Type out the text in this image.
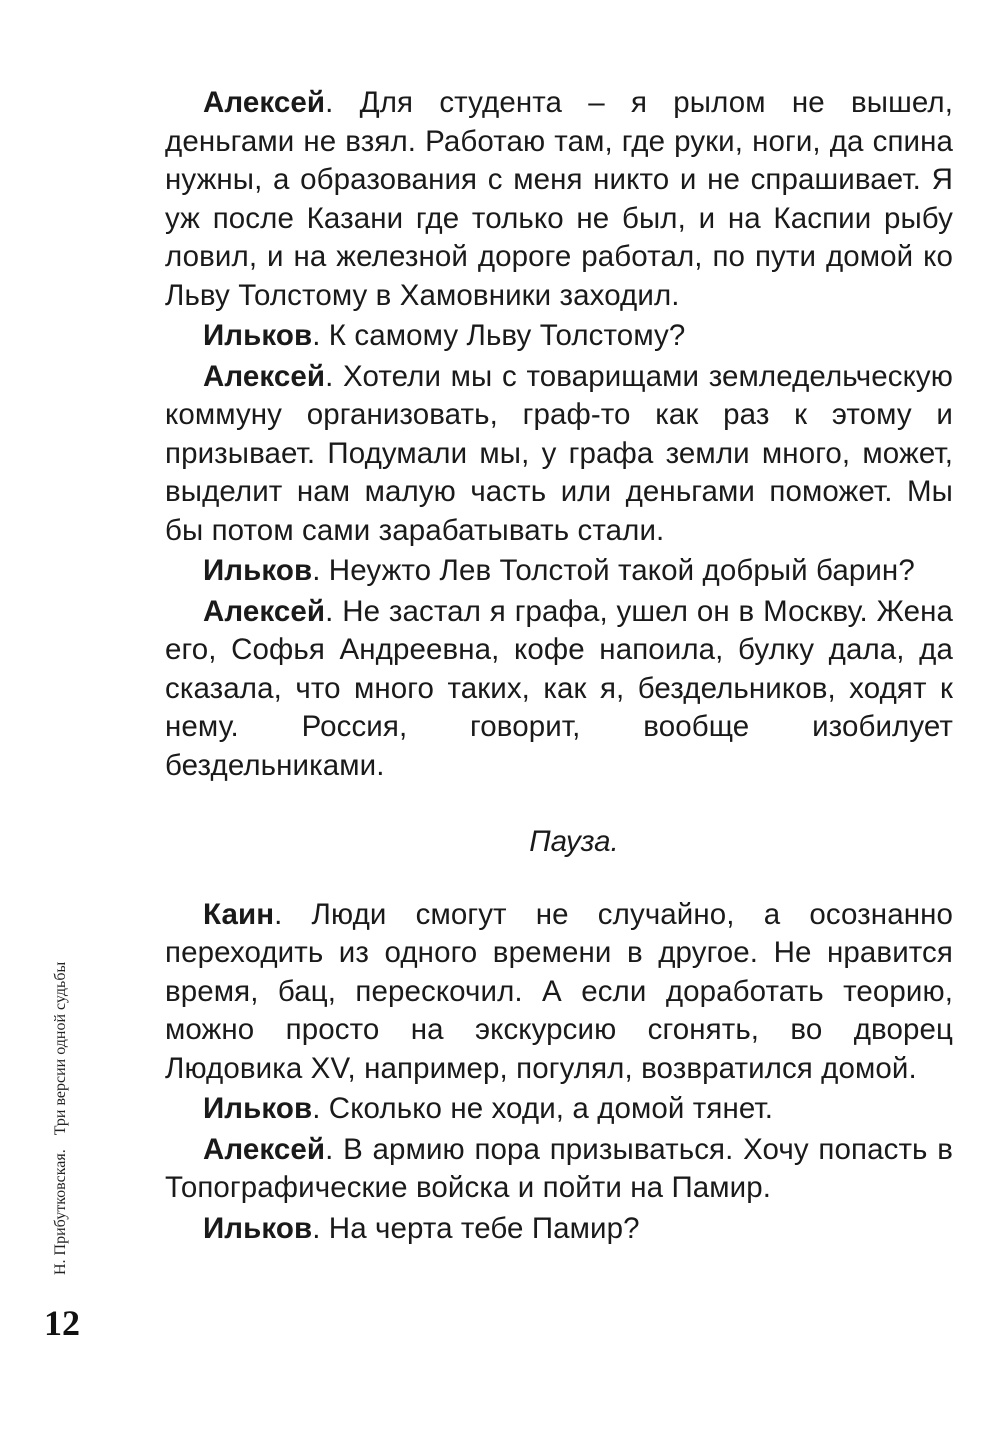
Алексей. Для студента – я рылом не вышел, деньгами не взял. Работаю там, где руки, ноги, да спина нужны, а образования с меня никто и не спрашивает. Я уж после Казани где только не был, и на Каспии рыбу ловил, и на железной дороге работал, по пути домой ко Льву Толстому в Хамовники заходил.

Ильков. К самому Льву Толстому?

Алексей. Хотели мы с товарищами земледельческую коммуну организовать, граф-то как раз к этому и призывает. Подумали мы, у графа земли много, может, выделит нам малую часть или деньгами поможет. Мы бы потом сами зарабатывать стали.

Ильков. Неужто Лев Толстой такой добрый барин?

Алексей. Не застал я графа, ушел он в Москву. Жена его, Софья Андреевна, кофе напоила, булку дала, да сказала, что много таких, как я, бездельников, ходят к нему. Россия, говорит, вообще изобилует бездельниками.

Пауза.

Каин. Люди смогут не случайно, а осознанно переходить из одного времени в другое. Не нравится время, бац, перескочил. А если доработать теорию, можно просто на экскурсию сгонять, во дворец Людовика XV, например, погулял, возвратился домой.

Ильков. Сколько не ходи, а домой тянет.

Алексей. В армию пора призываться. Хочу попасть в Топографические войска и пойти на Памир.

Ильков. На черта тебе Памир?

Н. Прибутковская.Три версии одной судьбы
12
